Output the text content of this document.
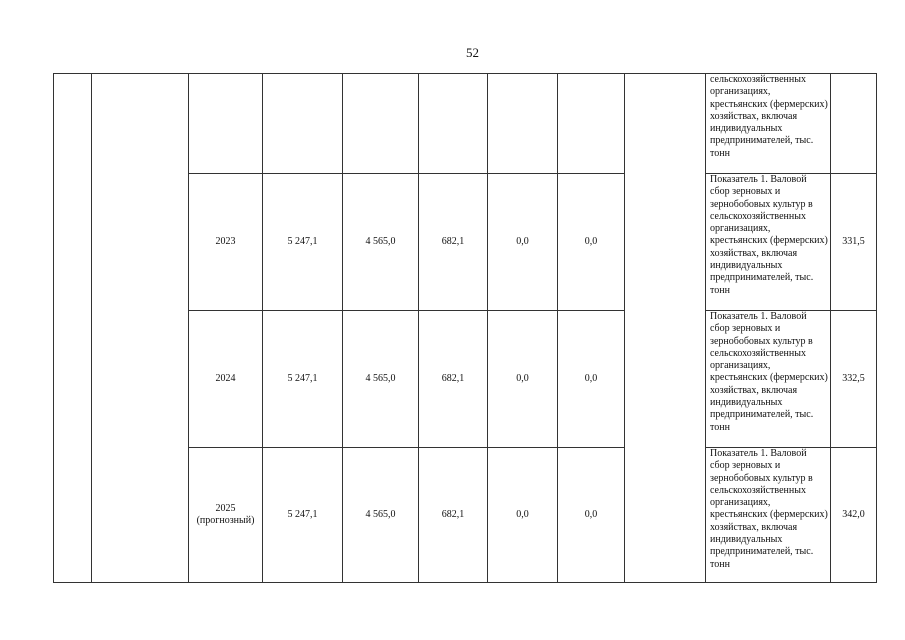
52
									сельскохозяйственных организациях, крестьянских (фермерских) хозяйствах, включая индивидуальных предпринимателей, тыс. тонн	
		2023	5 247,1	4 565,0	682,1	0,0	0,0		Показатель 1. Валовой сбор зерновых и зернобобовых культур в сельскохозяйственных организациях, крестьянских (фермерских) хозяйствах, включая индивидуальных предпринимателей, тыс. тонн	331,5
		2024	5 247,1	4 565,0	682,1	0,0	0,0		Показатель 1. Валовой сбор зерновых и зернобобовых культур в сельскохозяйственных организациях, крестьянских (фермерских) хозяйствах, включая индивидуальных предпринимателей, тыс. тонн	332,5
		2025 (прогнозный)	5 247,1	4 565,0	682,1	0,0	0,0		Показатель 1. Валовой сбор зерновых и зернобобовых культур в сельскохозяйственных организациях, крестьянских (фермерских) хозяйствах, включая индивидуальных предпринимателей, тыс. тонн	342,0
